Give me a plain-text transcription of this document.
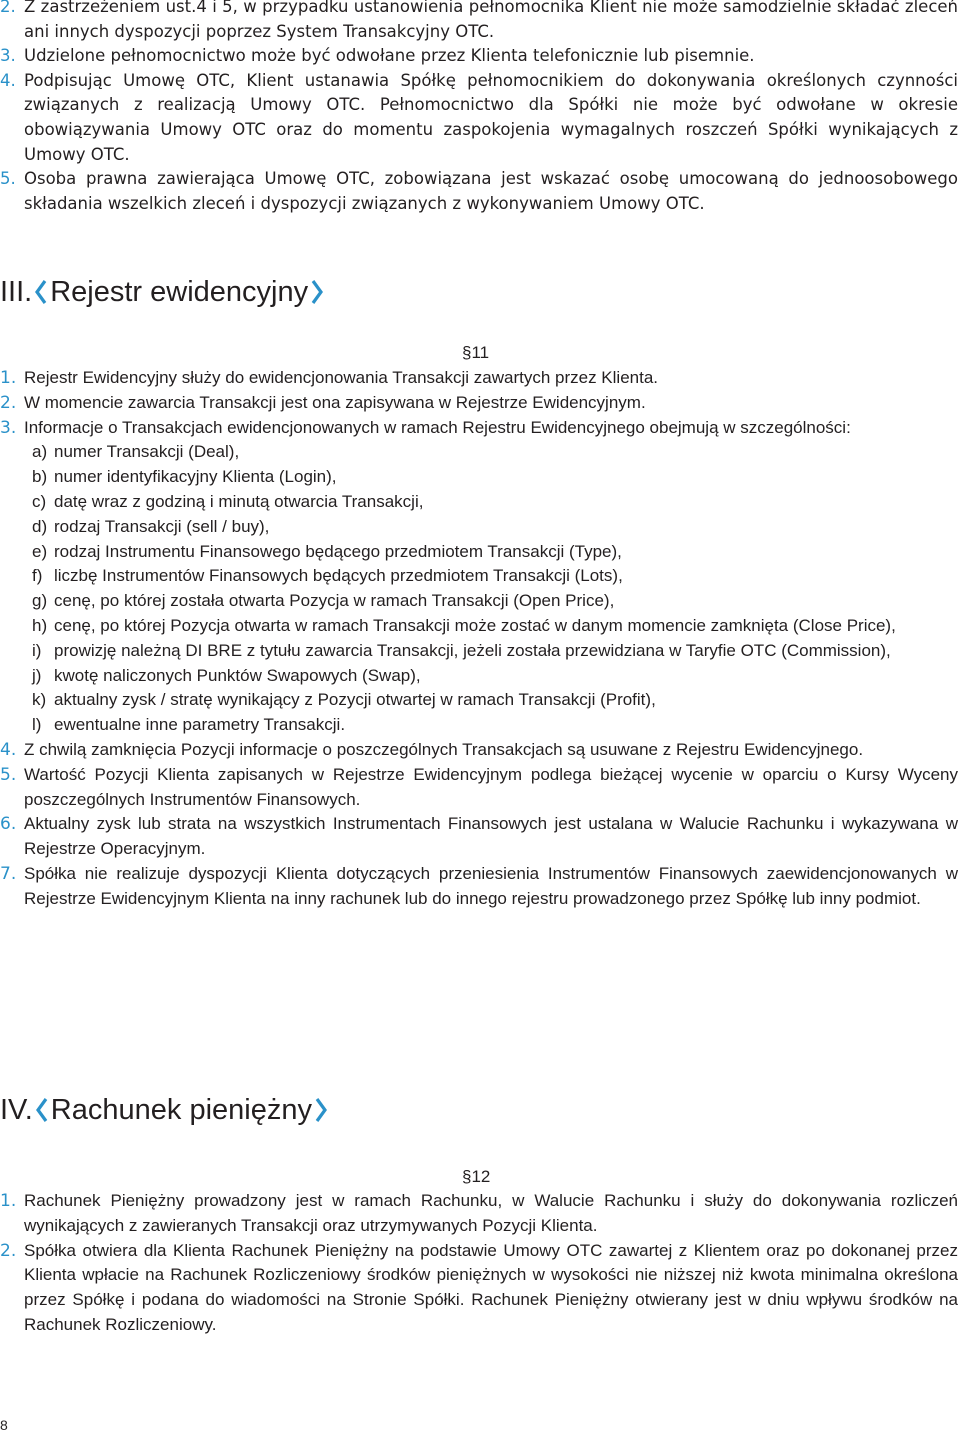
2. Z zastrzeżeniem ust.4 i 5, w przypadku ustanowienia pełnomocnika Klient nie może samodzielnie składać zleceń ani innych dyspozycji poprzez System Transakcyjny OTC.
3. Udzielone pełnomocnictwo może być odwołane przez Klienta telefonicznie lub pisemnie.
4. Podpisując Umowę OTC, Klient ustanawia Spółkę pełnomocnikiem do dokonywania określonych czynności związanych z realizacją Umowy OTC. Pełnomocnictwo dla Spółki nie może być odwołane w okresie obowiązywania Umowy OTC oraz do momentu zaspokojenia wymagalnych roszczeń Spółki wynikających z Umowy OTC.
5. Osoba prawna zawierająca Umowę OTC, zobowiązana jest wskazać osobę umocowaną do jednoosobowego składania wszelkich zleceń i dyspozycji związanych z wykonywaniem Umowy OTC.
III. Rejestr ewidencyjny
§11
1. Rejestr Ewidencyjny służy do ewidencjonowania Transakcji zawartych przez Klienta.
2. W momencie zawarcia Transakcji jest ona zapisywana w Rejestrze Ewidencyjnym.
3. Informacje o Transakcjach ewidencjonowanych w ramach Rejestru Ewidencyjnego obejmują w szczególności:
a) numer Transakcji (Deal),
b) numer identyfikacyjny Klienta (Login),
c) datę wraz z godziną i minutą otwarcia Transakcji,
d) rodzaj Transakcji (sell / buy),
e) rodzaj Instrumentu Finansowego będącego przedmiotem Transakcji (Type),
f) liczbę Instrumentów Finansowych będących przedmiotem Transakcji (Lots),
g) cenę, po której została otwarta Pozycja w ramach Transakcji (Open Price),
h) cenę, po której Pozycja otwarta w ramach Transakcji może zostać w danym momencie zamknięta (Close Price),
i) prowizję należną DI BRE z tytułu zawarcia Transakcji, jeżeli została przewidziana w Taryfie OTC (Commission),
j) kwotę naliczonych Punktów Swapowych (Swap),
k) aktualny zysk / stratę wynikający z Pozycji otwartej w ramach Transakcji (Profit),
l) ewentualne inne parametry Transakcji.
4. Z chwilą zamknięcia Pozycji informacje o poszczególnych Transakcjach są usuwane z Rejestru Ewidencyjnego.
5. Wartość Pozycji Klienta zapisanych w Rejestrze Ewidencyjnym podlega bieżącej wycenie w oparciu o Kursy Wyceny poszczególnych Instrumentów Finansowych.
6. Aktualny zysk lub strata na wszystkich Instrumentach Finansowych jest ustalana w Walucie Rachunku i wykazywana w Rejestrze Operacyjnym.
7. Spółka nie realizuje dyspozycji Klienta dotyczących przeniesienia Instrumentów Finansowych zaewidencjonowanych w Rejestrze Ewidencyjnym Klienta na inny rachunek lub do innego rejestru prowadzonego przez Spółkę lub inny podmiot.
IV. Rachunek pieniężny
§12
1. Rachunek Pieniężny prowadzony jest w ramach Rachunku, w Walucie Rachunku i służy do dokonywania rozliczeń wynikających z zawieranych Transakcji oraz utrzymywanych Pozycji Klienta.
2. Spółka otwiera dla Klienta Rachunek Pieniężny na podstawie Umowy OTC zawartej z Klientem oraz po dokonanej przez Klienta wpłacie na Rachunek Rozliczeniowy środków pieniężnych w wysokości nie niższej niż kwota minimalna określona przez Spółkę i podana do wiadomości na Stronie Spółki. Rachunek Pieniężny otwierany jest w dniu wpływu środków na Rachunek Rozliczeniowy.
8
